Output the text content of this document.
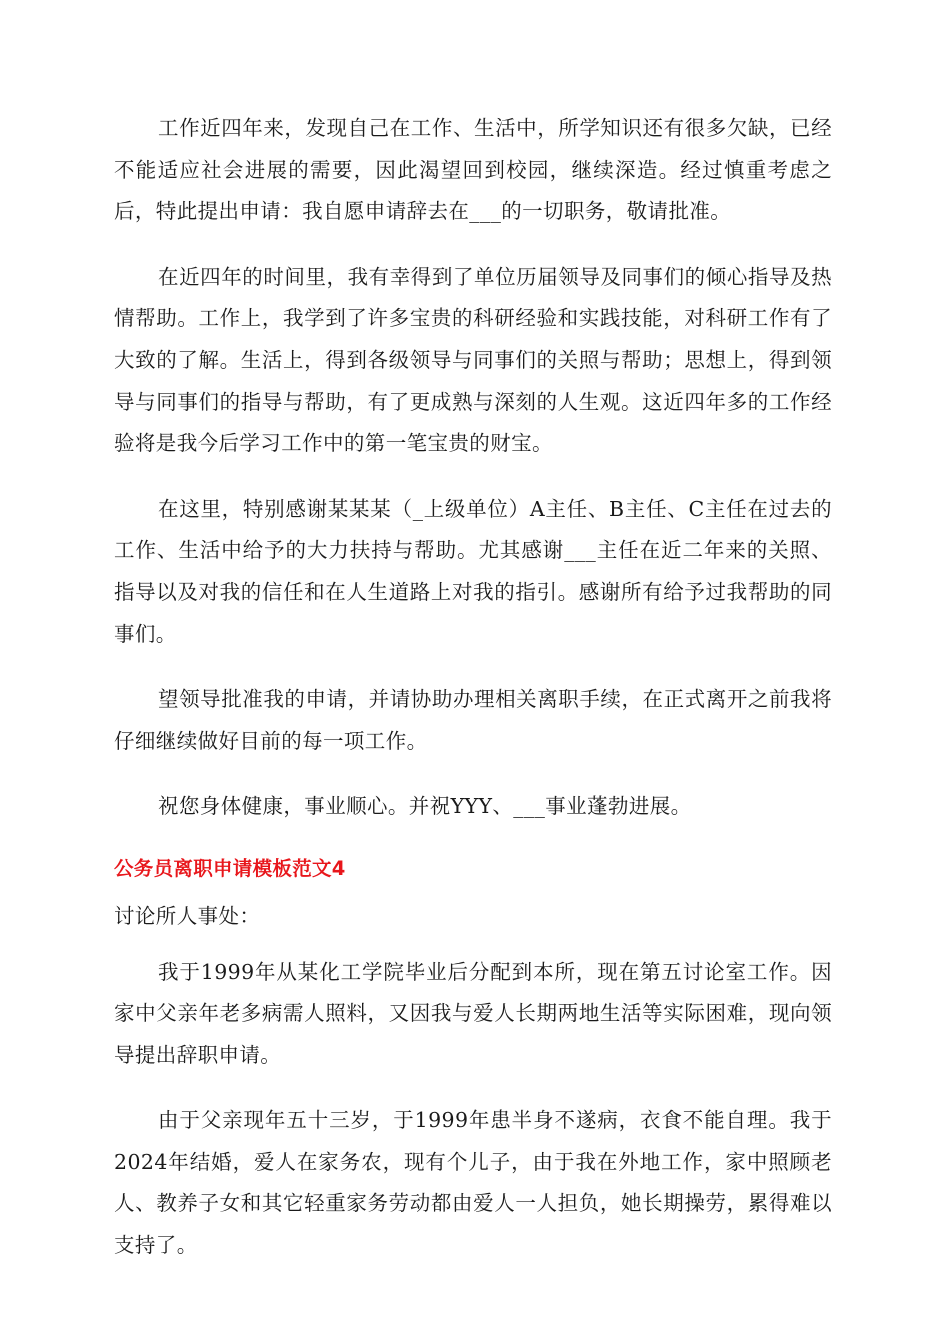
工作近四年来，发现自己在工作、生活中，所学知识还有很多欠缺，已经不能适应社会进展的需要，因此渴望回到校园，继续深造。经过慎重考虑之后，特此提出申请：我自愿申请辞去在___的一切职务，敬请批准。

在近四年的时间里，我有幸得到了单位历届领导及同事们的倾心指导及热情帮助。工作上，我学到了许多宝贵的科研经验和实践技能，对科研工作有了大致的了解。生活上，得到各级领导与同事们的关照与帮助；思想上，得到领导与同事们的指导与帮助，有了更成熟与深刻的人生观。这近四年多的工作经验将是我今后学习工作中的第一笔宝贵的财宝。

在这里，特别感谢某某某（_上级单位）A主任、B主任、C主任在过去的工作、生活中给予的大力扶持与帮助。尤其感谢___主任在近二年来的关照、指导以及对我的信任和在人生道路上对我的指引。感谢所有给予过我帮助的同事们。

望领导批准我的申请，并请协助办理相关离职手续，在正式离开之前我将仔细继续做好目前的每一项工作。

祝您身体健康，事业顺心。并祝YYY、___事业蓬勃进展。

公务员离职申请模板范文4

讨论所人事处：

我于1999年从某化工学院毕业后分配到本所，现在第五讨论室工作。因家中父亲年老多病需人照料，又因我与爱人长期两地生活等实际困难，现向领导提出辞职申请。

由于父亲现年五十三岁，于1999年患半身不遂病，衣食不能自理。我于2024年结婚，爱人在家务农，现有个儿子，由于我在外地工作，家中照顾老人、教养子女和其它轻重家务劳动都由爱人一人担负，她长期操劳，累得难以支持了。
